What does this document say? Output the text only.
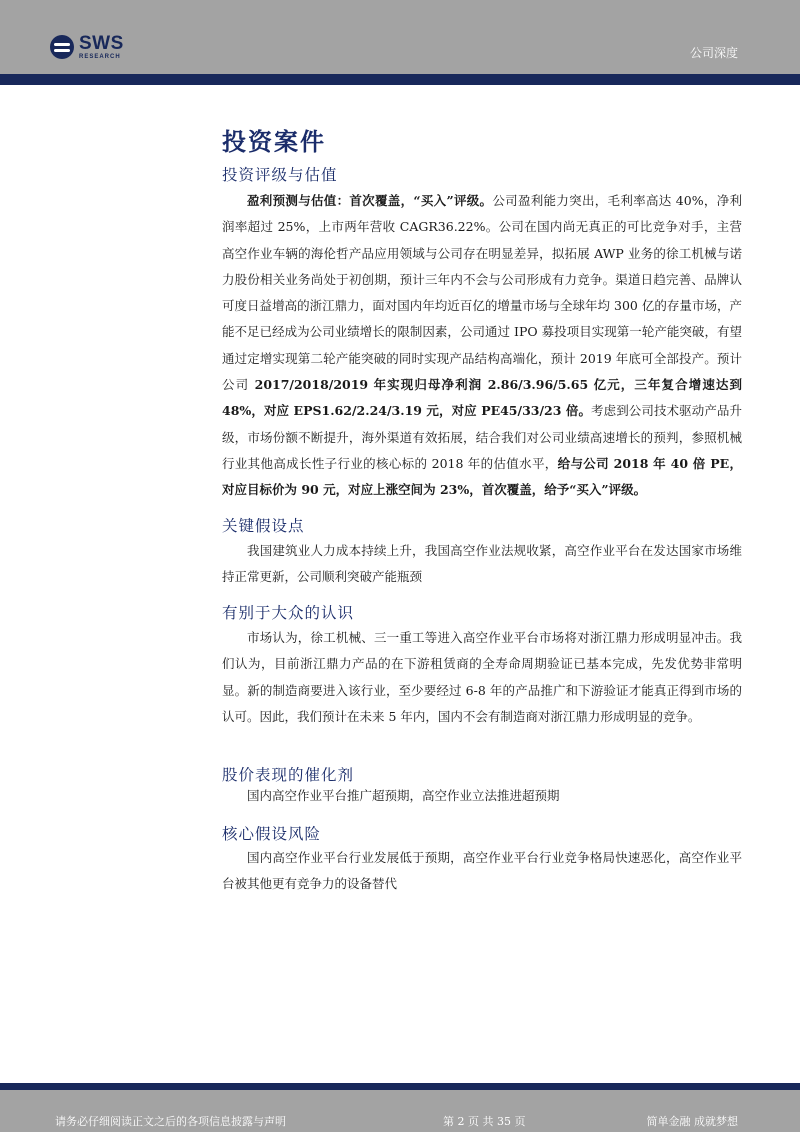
SWS
RESEARCH	公司深度
投资案件
投资评级与估值

盈利预测与估值：首次覆盖，“买入”评级。公司盈利能力突出，毛利率高达 40%，净利润率超过 25%，上市两年营收 CAGR36.22%。公司在国内尚无真正的可比竞争对手，主营高空作业车辆的海伦哲产品应用领域与公司存在明显差异，拟拓展 AWP 业务的徐工机械与诺力股份相关业务尚处于初创期，预计三年内不会与公司形成有力竞争。渠道日趋完善、品牌认可度日益增高的浙江鼎力，面对国内年均近百亿的增量市场与全球年均 300 亿的存量市场，产能不足已经成为公司业绩增长的限制因素，公司通过 IPO 募投项目实现第一轮产能突破，有望通过定增实现第二轮产能突破的同时实现产品结构高端化，预计 2019 年底可全部投产。预计公司 2017/2018/2019 年实现归母净利润 2.86/3.96/5.65 亿元，三年复合增速达到 48%，对应 EPS1.62/2.24/3.19 元，对应 PE45/33/23 倍。考虑到公司技术驱动产品升级，市场份额不断提升，海外渠道有效拓展，结合我们对公司业绩高速增长的预判，参照机械行业其他高成长性子行业的核心标的 2018 年的估值水平，给与公司 2018 年 40 倍 PE，对应目标价为 90 元，对应上涨空间为 23%，首次覆盖，给予“买入”评级。

关键假设点

我国建筑业人力成本持续上升，我国高空作业法规收紧，高空作业平台在发达国家市场维持正常更新，公司顺利突破产能瓶颈

有别于大众的认识

市场认为，徐工机械、三一重工等进入高空作业平台市场将对浙江鼎力形成明显冲击。我们认为，目前浙江鼎力产品的在下游租赁商的全寿命周期验证已基本完成，先发优势非常明显。新的制造商要进入该行业，至少要经过 6-8 年的产品推广和下游验证才能真正得到市场的认可。因此，我们预计在未来 5 年内，国内不会有制造商对浙江鼎力形成明显的竞争。

股价表现的催化剂

国内高空作业平台推广超预期，高空作业立法推进超预期

核心假设风险

国内高空作业平台行业发展低于预期，高空作业平台行业竞争格局快速恶化，高空作业平台被其他更有竞争力的设备替代

请务必仔细阅读正文之后的各项信息披露与声明	第 2 页 共 35 页	简单金融 成就梦想
